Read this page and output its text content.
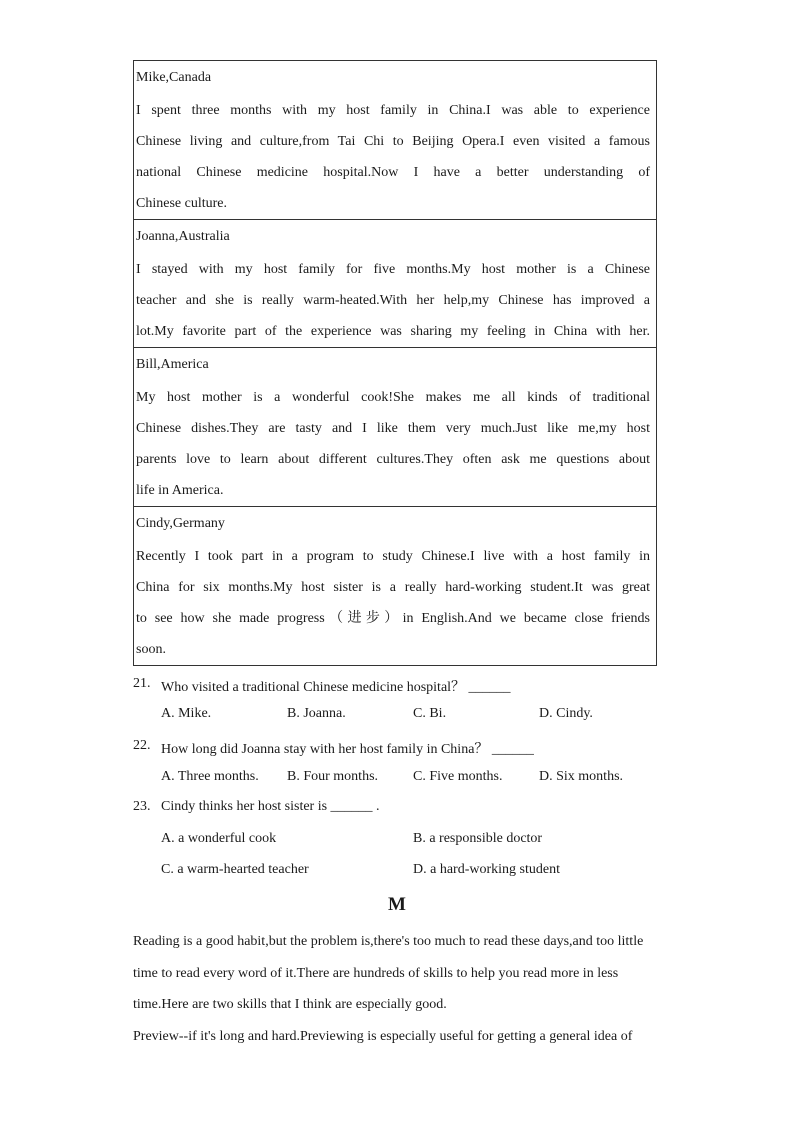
Mike,Canada
I spent three months with my host family in China.I was able to experience
Chinese living and culture,from Tai Chi to Beijing Opera.I even visited a famous
national Chinese medicine hospital.Now I have a better understanding of
Chinese culture.
Joanna,Australia
I stayed with my host family for five months.My host mother is a Chinese
teacher and she is really warm-heated.With her help,my Chinese has improved a
lot.My favorite part of the experience was sharing my feeling in China with her.
Bill,America
My host mother is a wonderful cook!She makes me all kinds of traditional
Chinese dishes.They are tasty and I like them very much.Just like me,my host
parents love to learn about different cultures.They often ask me questions about
life in America.
Cindy,Germany
Recently I took part in a program to study Chinese.I live with a host family in
China for six months.My host sister is a really hard-working student.It was great
to see how she made progress（进步）in English.And we became close friends
soon.
21. Who visited a traditional Chinese medicine hospital？ ______
A. Mike.	B. Joanna.	C. Bi.	D. Cindy.
22. How long did Joanna stay with her host family in China？ ______
A. Three months. B. Four months. C. Five months.	D. Six months.
23. Cindy thinks her host sister is ______ .
A. a wonderful cook	B. a responsible doctor
C. a warm-hearted teacher	D. a hard-working student
M
Reading is a good habit,but the problem is,there's too much to read these days,and too little
time to read every word of it.There are hundreds of skills to help you read more in less
time.Here are two skills that I think are especially good.
Preview--if it's long and hard.Previewing is especially useful for getting a general idea of
